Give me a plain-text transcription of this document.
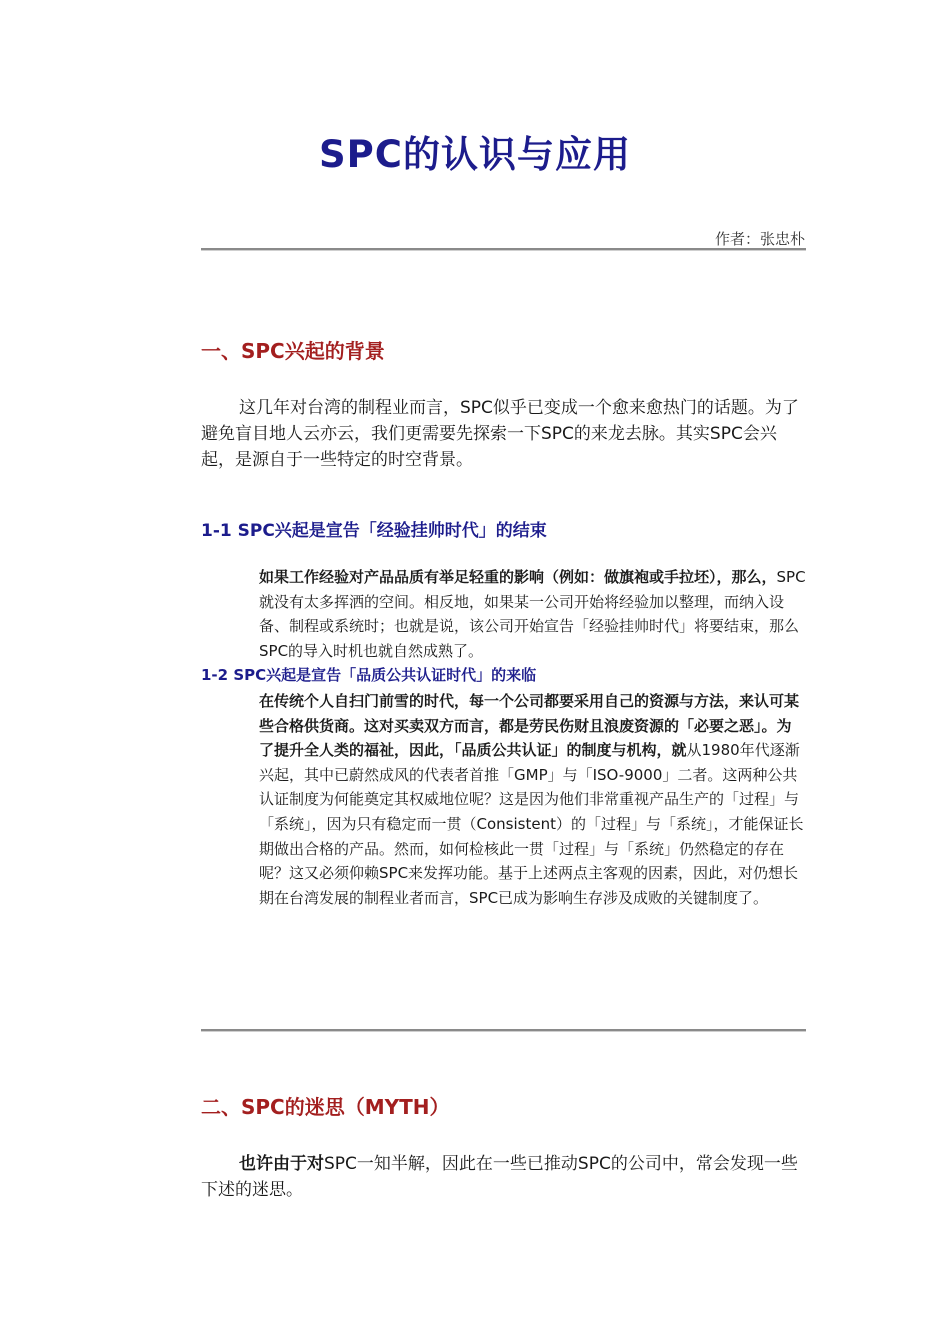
SPC的认识与应用
作者：张忠朴
一、SPC兴起的背景
这几年对台湾的制程业而言，SPC似乎已变成一个愈来愈热门的话题。为了避免盲目地人云亦云，我们更需要先探索一下SPC的来龙去脉。其实SPC会兴起，是源自于一些特定的时空背景。
1-1 SPC兴起是宣告「经验挂帅时代」的结束
如果工作经验对产品品质有举足轻重的影响（例如：做旗袍或手拉坯），那么，SPC就没有太多挥洒的空间。相反地，如果某一公司开始将经验加以整理，而纳入设备、制程或系统时；也就是说，该公司开始宣告「经验挂帅时代」将要结束，那么SPC的导入时机也就自然成熟了。
1-2 SPC兴起是宣告「品质公共认证时代」的来临
在传统个人自扫门前雪的时代，每一个公司都要采用自己的资源与方法，来认可某些合格供货商。这对买卖双方而言，都是劳民伤财且浪废资源的「必要之恶」。为了提升全人类的福祉，因此，「品质公共认证」的制度与机构，就从1980年代逐渐兴起，其中已蔚然成风的代表者首推「GMP」与「ISO-9000」二者。这两种公共认证制度为何能奠定其权威地位呢？这是因为他们非常重视产品生产的「过程」与「系统」，因为只有稳定而一贯（Consistent）的「过程」与「系统」，才能保证长期做出合格的产品。然而，如何检核此一贯「过程」与「系统」仍然稳定的存在呢？这又必须仰赖SPC来发挥功能。基于上述两点主客观的因素，因此，对仍想长期在台湾发展的制程业者而言，SPC已成为影响生存涉及成败的关键制度了。
二、SPC的迷思（MYTH）
也许由于对SPC一知半解，因此在一些已推动SPC的公司中，常会发现一些下述的迷思。
